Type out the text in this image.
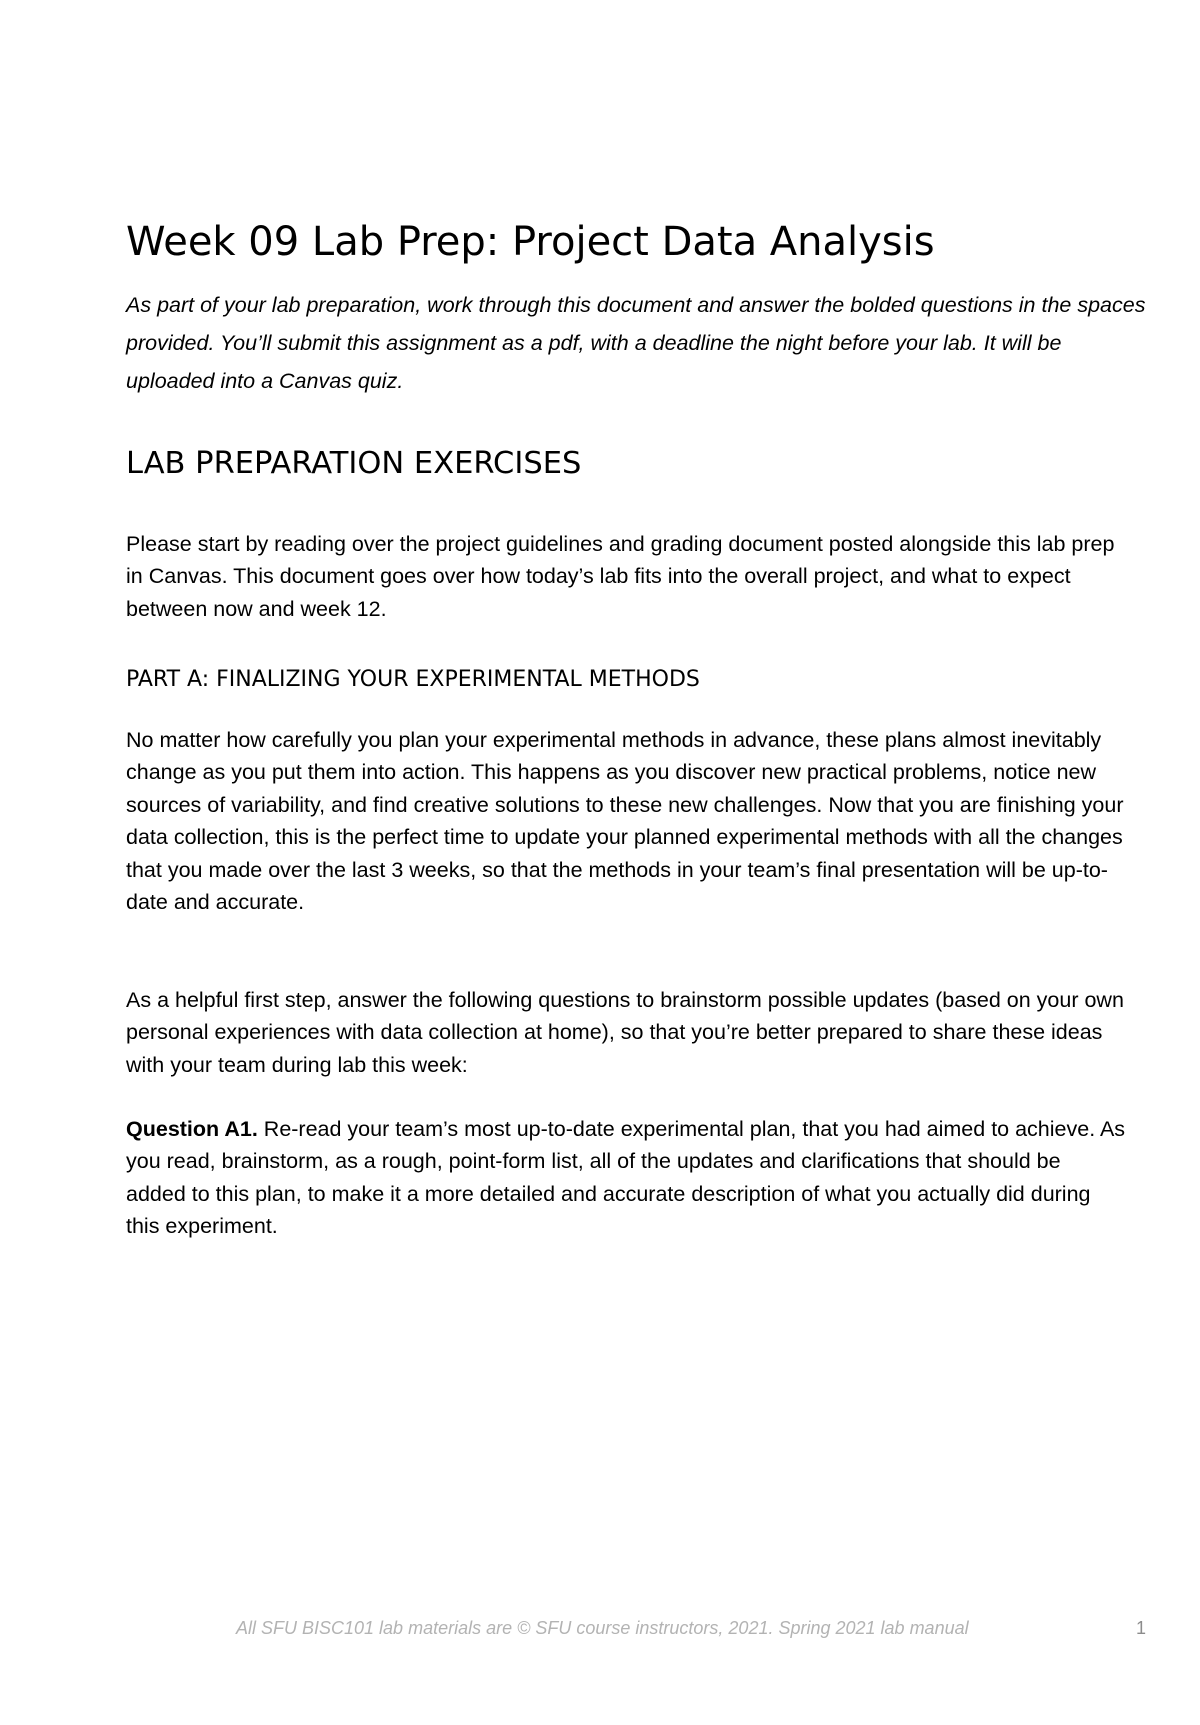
Week 09 Lab Prep: Project Data Analysis

As part of your lab preparation, work through this document and answer the bolded questions in the spaces provided. You’ll submit this assignment as a pdf, with a deadline the night before your lab. It will be uploaded into a Canvas quiz.

LAB PREPARATION EXERCISES

Please start by reading over the project guidelines and grading document posted alongside this lab prep in Canvas. This document goes over how today’s lab fits into the overall project, and what to expect between now and week 12.

PART A: FINALIZING YOUR EXPERIMENTAL METHODS

No matter how carefully you plan your experimental methods in advance, these plans almost inevitably change as you put them into action. This happens as you discover new practical problems, notice new sources of variability, and find creative solutions to these new challenges. Now that you are finishing your data collection, this is the perfect time to update your planned experimental methods with all the changes that you made over the last 3 weeks, so that the methods in your team’s final presentation will be up-to-date and accurate.

As a helpful first step, answer the following questions to brainstorm possible updates (based on your own personal experiences with data collection at home), so that you’re better prepared to share these ideas with your team during lab this week:

Question A1. Re-read your team’s most up-to-date experimental plan, that you had aimed to achieve. As you read, brainstorm, as a rough, point-form list, all of the updates and clarifications that should be added to this plan, to make it a more detailed and accurate description of what you actually did during this experiment.

All SFU BISC101 lab materials are © SFU course instructors, 2021. Spring 2021 lab manual	1
